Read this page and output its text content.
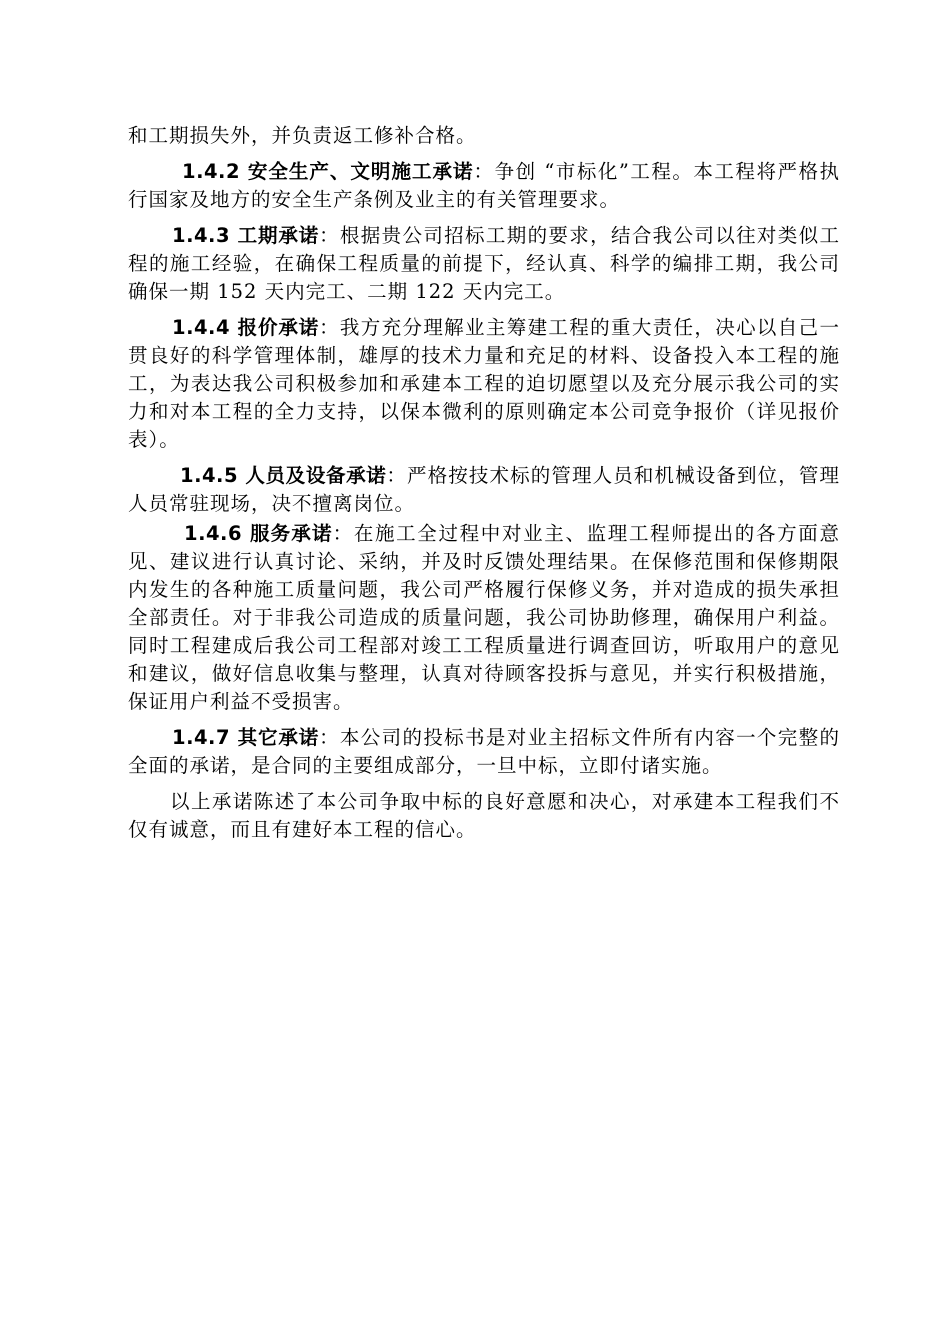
和工期损失外，并负责返工修补合格。

1.4.2 安全生产、文明施工承诺：争创 “市标化”工程。本工程将严格执行国家及地方的安全生产条例及业主的有关管理要求。

1.4.3 工期承诺：根据贵公司招标工期的要求，结合我公司以往对类似工程的施工经验，在确保工程质量的前提下，经认真、科学的编排工期，我公司确保一期 152 天内完工、二期 122 天内完工。

1.4.4 报价承诺：我方充分理解业主筹建工程的重大责任，决心以自己一贯良好的科学管理体制，雄厚的技术力量和充足的材料、设备投入本工程的施工，为表达我公司积极参加和承建本工程的迫切愿望以及充分展示我公司的实力和对本工程的全力支持，以保本微利的原则确定本公司竞争报价（详见报价表）。

1.4.5 人员及设备承诺：严格按技术标的管理人员和机械设备到位，管理人员常驻现场，决不擅离岗位。

1.4.6 服务承诺：在施工全过程中对业主、监理工程师提出的各方面意见、建议进行认真讨论、采纳，并及时反馈处理结果。在保修范围和保修期限内发生的各种施工质量问题，我公司严格履行保修义务，并对造成的损失承担全部责任。对于非我公司造成的质量问题，我公司协助修理，确保用户利益。同时工程建成后我公司工程部对竣工工程质量进行调查回访，听取用户的意见和建议，做好信息收集与整理，认真对待顾客投拆与意见，并实行积极措施，保证用户利益不受损害。

1.4.7 其它承诺：本公司的投标书是对业主招标文件所有内容一个完整的全面的承诺，是合同的主要组成部分，一旦中标，立即付诸实施。

以上承诺陈述了本公司争取中标的良好意愿和决心，对承建本工程我们不仅有诚意，而且有建好本工程的信心。
